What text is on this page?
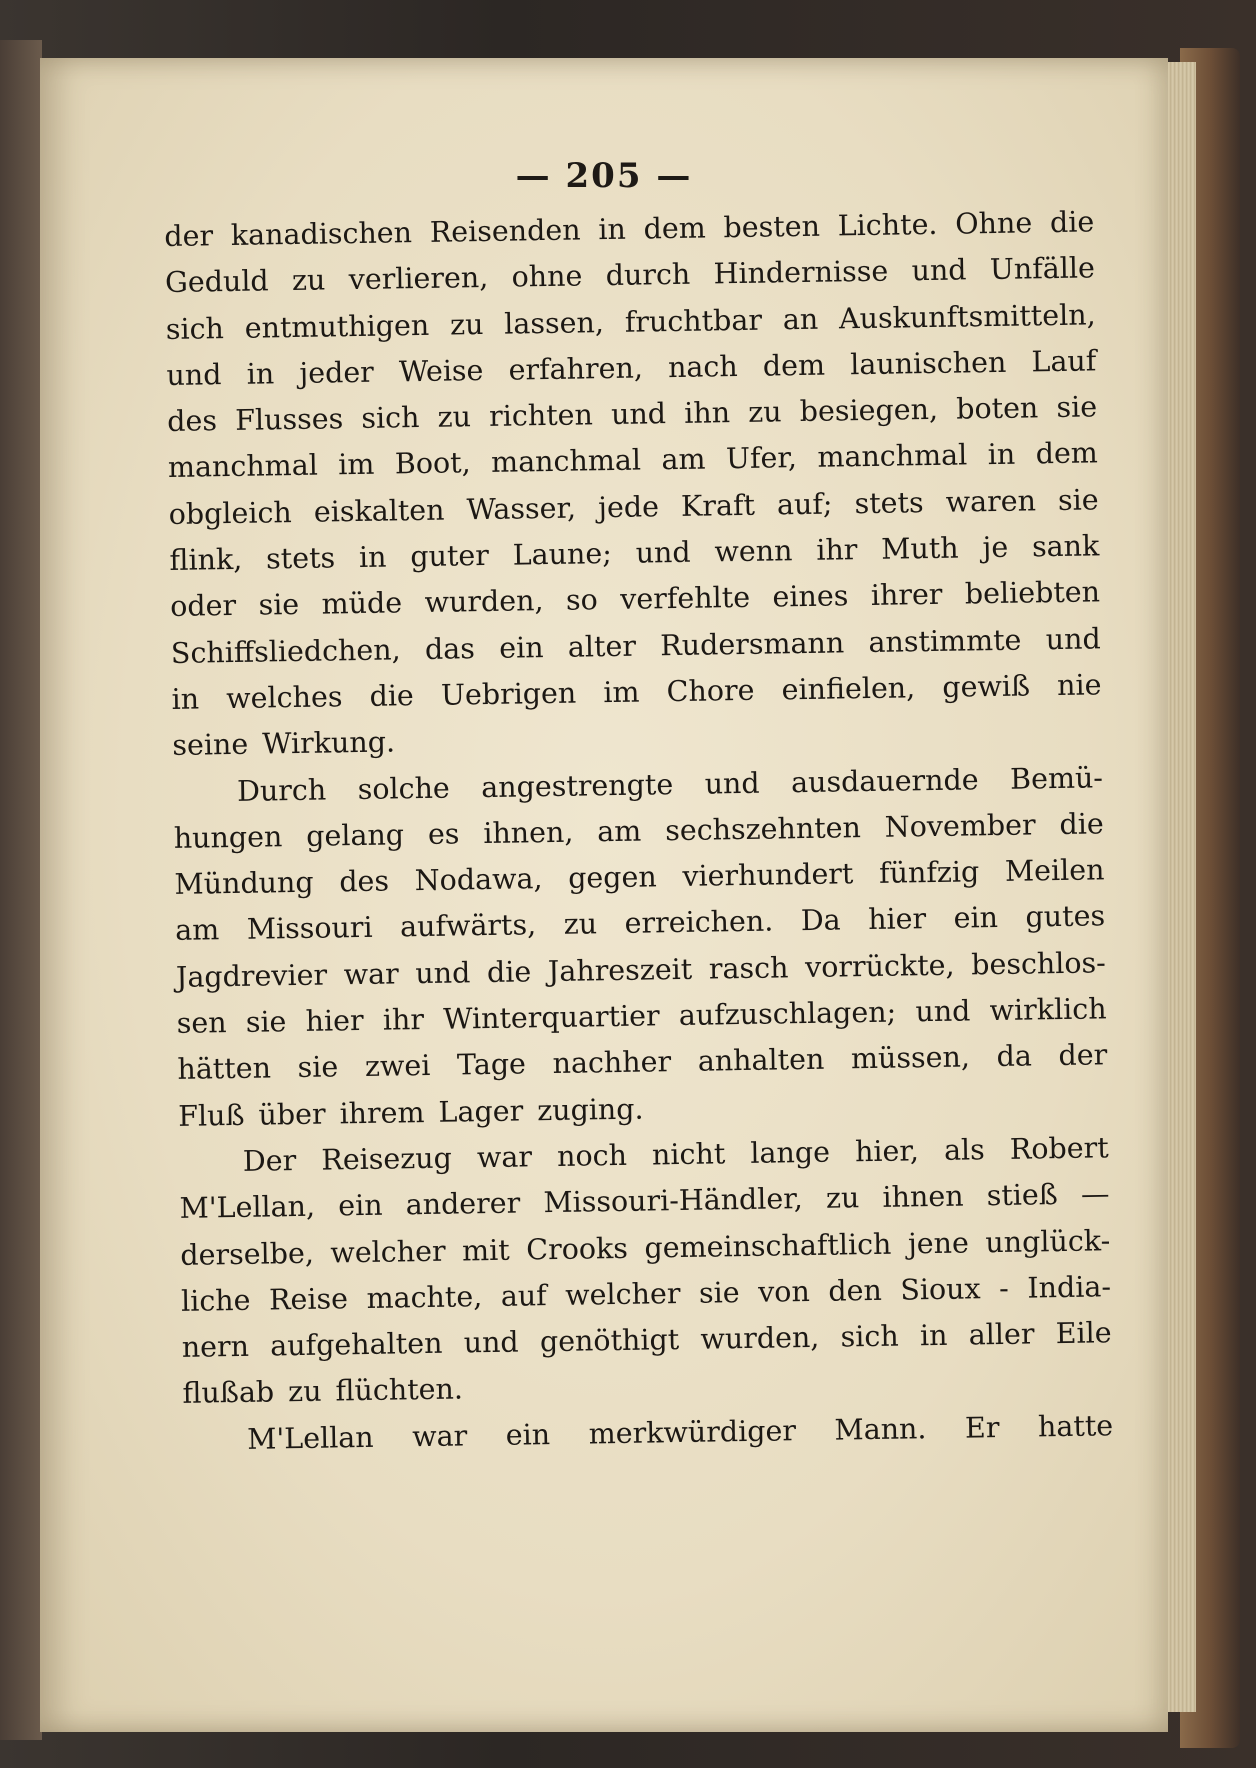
— 205 —
der kanadischen Reisenden in dem besten Lichte. Ohne die
Geduld zu verlieren, ohne durch Hindernisse und Unfälle
sich entmuthigen zu lassen, fruchtbar an Auskunftsmitteln,
und in jeder Weise erfahren, nach dem launischen Lauf
des Flusses sich zu richten und ihn zu besiegen, boten sie
manchmal im Boot, manchmal am Ufer, manchmal in dem
obgleich eiskalten Wasser, jede Kraft auf; stets waren sie
flink, stets in guter Laune; und wenn ihr Muth je sank
oder sie müde wurden, so verfehlte eines ihrer beliebten
Schiffsliedchen, das ein alter Rudersmann anstimmte und
in welches die Uebrigen im Chore einfielen, gewiß nie
seine Wirkung.
Durch solche angestrengte und ausdauernde Bemü-
hungen gelang es ihnen, am sechszehnten November die
Mündung des Nodawa, gegen vierhundert fünfzig Meilen
am Missouri aufwärts, zu erreichen. Da hier ein gutes
Jagdrevier war und die Jahreszeit rasch vorrückte, beschlos-
sen sie hier ihr Winterquartier aufzuschlagen; und wirklich
hätten sie zwei Tage nachher anhalten müssen, da der
Fluß über ihrem Lager zuging.
Der Reisezug war noch nicht lange hier, als Robert
M'Lellan, ein anderer Missouri-Händler, zu ihnen stieß —
derselbe, welcher mit Crooks gemeinschaftlich jene unglück-
liche Reise machte, auf welcher sie von den Sioux - India-
nern aufgehalten und genöthigt wurden, sich in aller Eile
flußab zu flüchten.
M'Lellan war ein merkwürdiger Mann. Er hatte
